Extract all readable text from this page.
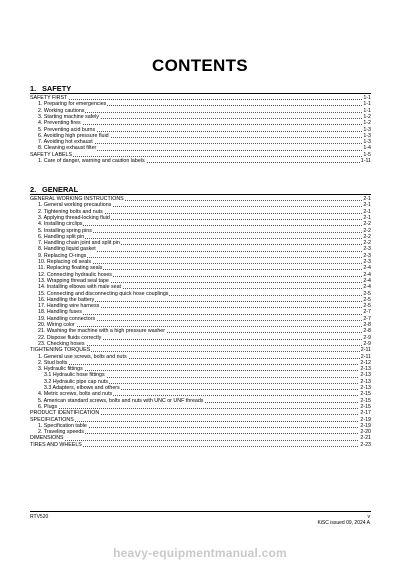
CONTENTS
1. SAFETY
SAFETY FIRST	1-1
1. Preparing for emergencies	1-1
2. Working cautions	1-1
3. Starting machine safely	1-2
4. Preventing fires	1-2
5. Preventing acid burns	1-3
6. Avoiding high pressure fluid	1-3
7. Avoiding hot exhaust	1-3
8. Cleaning exhaust filter	1-4
SAFETY LABELS	1-5
1. Care of danger, warning and caution labels	1-11
2. GENERAL
GENERAL WORKING INSTRUCTIONS	2-1
1. General working precautions	2-1
2. Tightening bolts and nuts	2-1
3. Applying thread-locking fluid	2-1
4. Installing circlips	2-2
5. Installing spring pins	2-2
6. Handling split pin	2-2
7. Handling chain joint and split pin	2-2
8. Handling liquid gasket	2-3
9. Replacing O-rings	2-3
10. Replacing oil seals	2-3
11. Replacing floating seals	2-4
12. Connecting hydraulic hoses	2-4
13. Wrapping thread seal tape	2-4
14. Installing elbows with male seat	2-4
15. Connecting and disconnecting quick hose couplings	2-5
16. Handling the battery	2-5
17. Handling wire harness	2-5
18. Handling fuses	2-7
19. Handling connectors	2-7
20. Wiring color	2-8
21. Washing the machine with a high pressure washer	2-8
22. Dispose fluids correctly	2-9
23. Checking hoses	2-9
TIGHTENING TORQUES	2-11
1. General use screws, bolts and nuts	2-11
2. Stud bolts	2-12
3. Hydraulic fittings	2-13
3.1 Hydraulic hose fittings	2-13
3.2 Hydraulic pipe cap nuts	2-13
3.3 Adapters, elbows and others	2-13
4. Metric screws, bolts and nuts	2-15
5. American standard screws, bolts and nuts with UNC or UNF threads	2-15
6. Plugs	2-15
PRODUCT IDENTIFICATION	2-17
SPECIFICATIONS	2-19
1. Specification table	2-19
2. Traveling speeds	2-20
DIMENSIONS	2-21
TIRES AND WHEELS	2-23
RTV520	v
KiSC issued 09, 2024 A
heavy-equipmentmanual.com
